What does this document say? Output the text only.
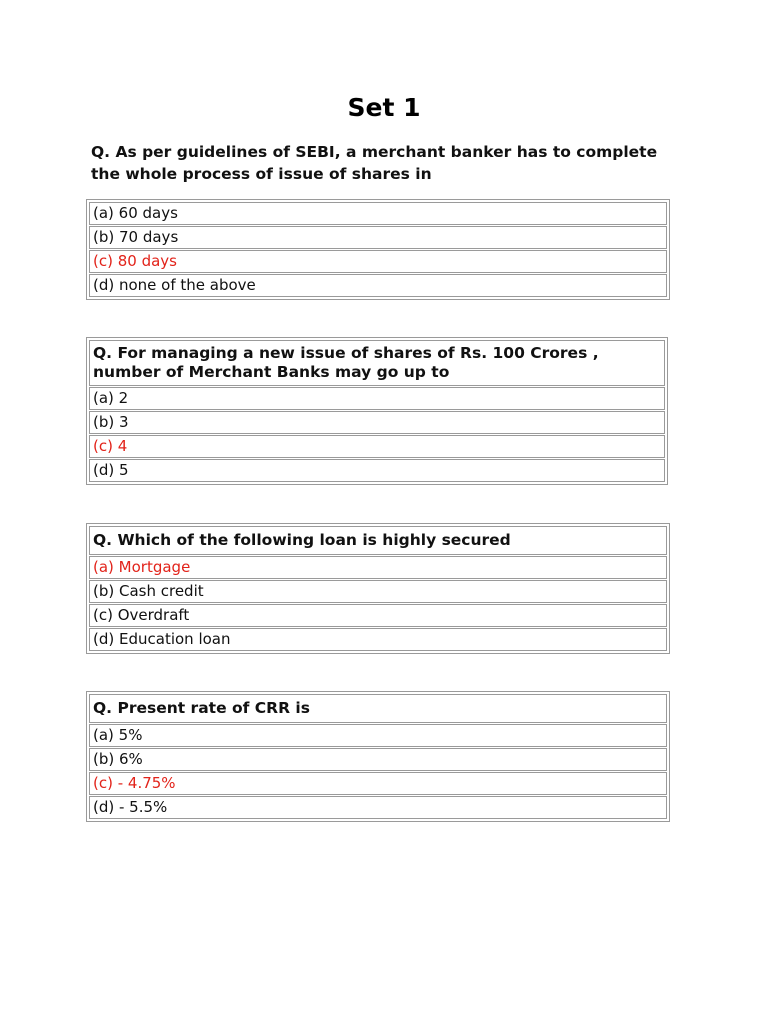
Set 1
Q. As per guidelines of SEBI, a merchant banker has to complete the whole process of issue of shares in
(a) 60 days
(b) 70 days
(c) 80 days
(d) none of the above
Q. For managing a new issue of shares of Rs. 100 Crores , number of Merchant Banks may go up to
(a) 2
(b) 3
(c) 4
(d) 5
Q. Which of the following loan is highly secured
(a) Mortgage
(b) Cash credit
(c) Overdraft
(d) Education loan
Q. Present rate of CRR is
(a) 5%
(b) 6%
(c) - 4.75%
(d) - 5.5%
